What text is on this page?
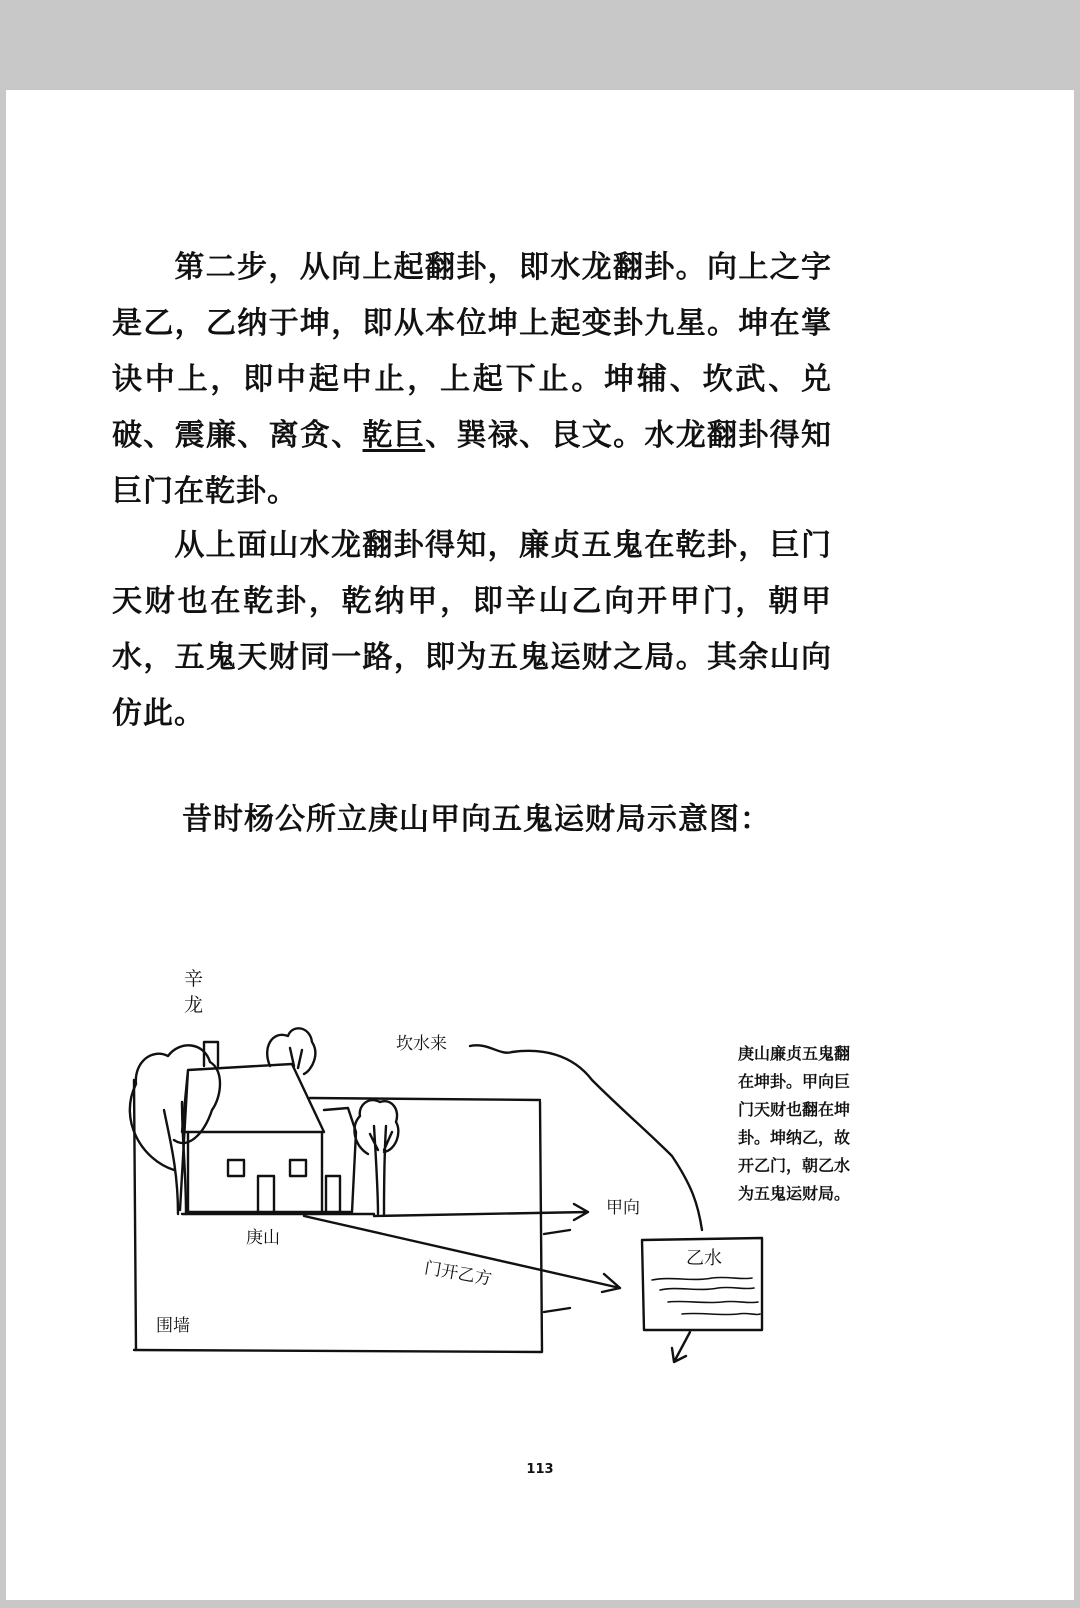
第二步，从向上起翻卦，即水龙翻卦。向上之字是乙，乙纳于坤，即从本位坤上起变卦九星。坤在掌诀中上，即中起中止，上起下止。坤辅、坎武、兑破、震廉、离贪、乾巨、巽禄、艮文。水龙翻卦得知巨门在乾卦。

从上面山水龙翻卦得知，廉贞五鬼在乾卦，巨门天财也在乾卦，乾纳甲，即辛山乙向开甲门，朝甲水，五鬼天财同一路，即为五鬼运财之局。其余山向仿此。

昔时杨公所立庚山甲向五鬼运财局示意图：
辛龙
坎水来
甲向
庚山
门开乙方
围墙
乙水
庚山廉贞五鬼翻在坤卦。甲向巨门天财也翻在坤卦。坤纳乙，故开乙门，朝乙水为五鬼运财局。
113
